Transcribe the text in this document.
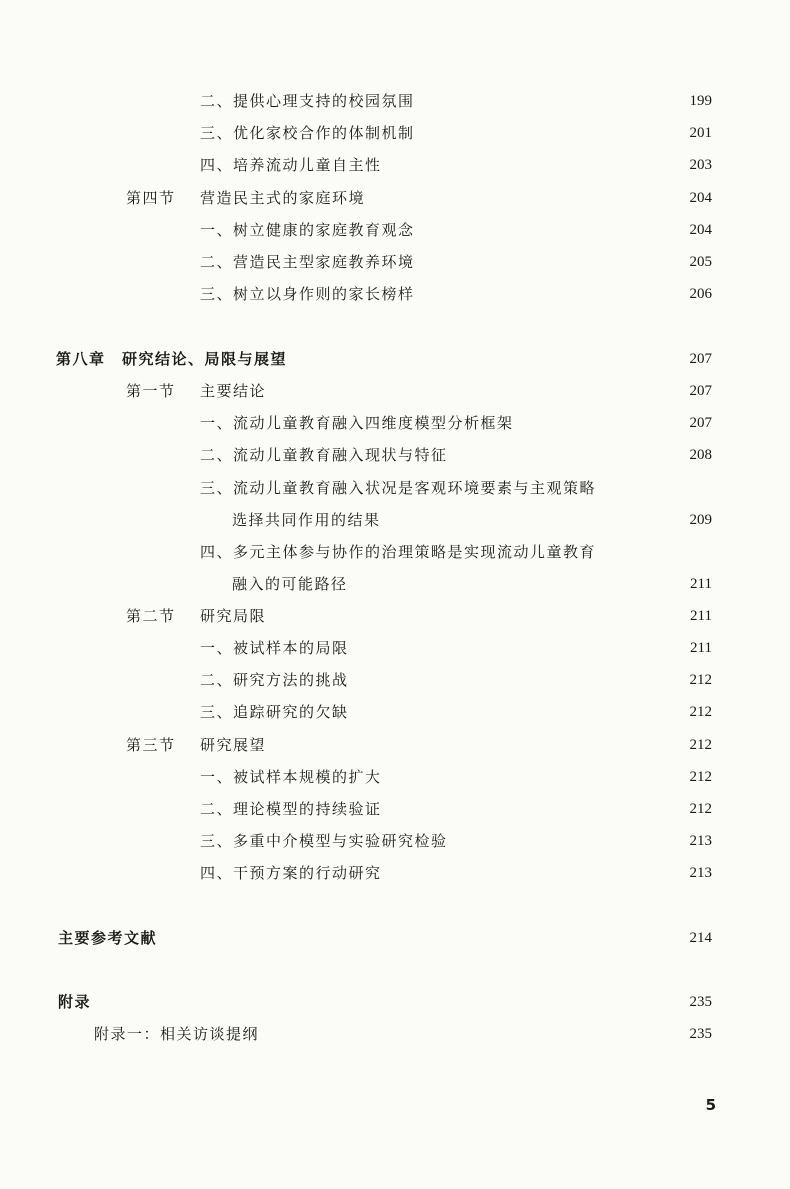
二、提供心理支持的校园氛围	199
三、优化家校合作的体制机制	201
四、培养流动儿童自主性	203
第四节 营造民主式的家庭环境	204
一、树立健康的家庭教育观念	204
二、营造民主型家庭教养环境	205
三、树立以身作则的家长榜样	206
第八章　研究结论、局限与展望	207
第一节 主要结论	207
一、流动儿童教育融入四维度模型分析框架	207
二、流动儿童教育融入现状与特征	208
三、流动儿童教育融入状况是客观环境要素与主观策略
选择共同作用的结果	209
四、多元主体参与协作的治理策略是实现流动儿童教育
融入的可能路径	211
第二节 研究局限	211
一、被试样本的局限	211
二、研究方法的挑战	212
三、追踪研究的欠缺	212
第三节 研究展望	212
一、被试样本规模的扩大	212
二、理论模型的持续验证	212
三、多重中介模型与实验研究检验	213
四、干预方案的行动研究	213
主要参考文献	214
附录	235
附录一：相关访谈提纲	235
5
